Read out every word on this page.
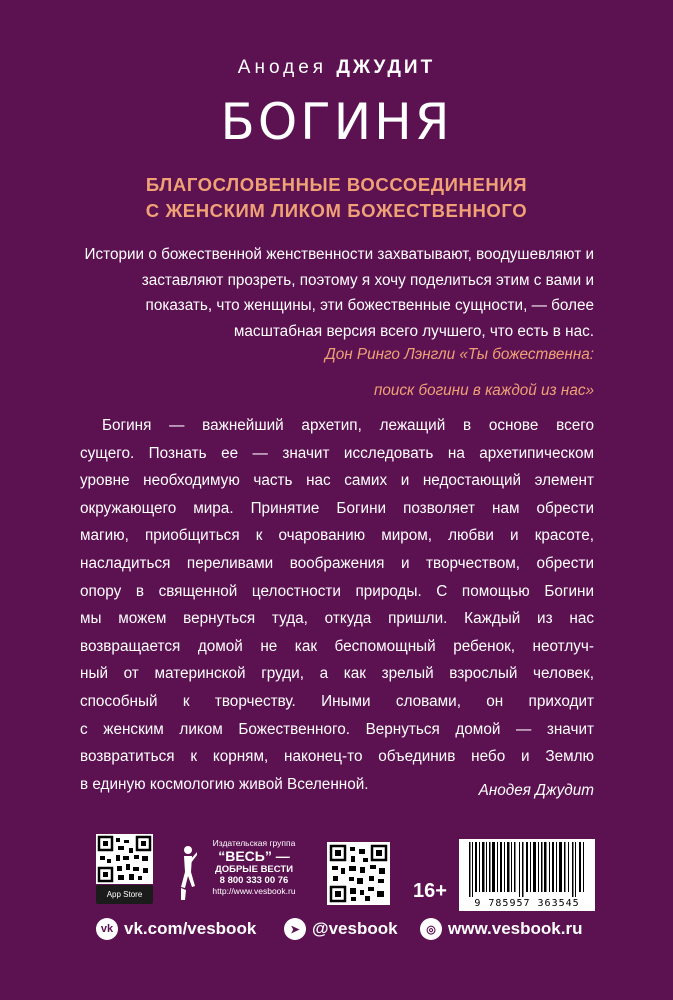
Анодея ДЖУДИТ
БОГИНЯ
БЛАГОСЛОВЕННЫЕ ВОССОЕДИНЕНИЯ
С ЖЕНСКИМ ЛИКОМ БОЖЕСТВЕННОГО
Истории о божественной женственности захватывают, воодушевляют и заставляют прозреть, поэтому я хочу поделиться этим с вами и показать, что женщины, эти божественные сущности, — более масштабная версия всего лучшего, что есть в нас.
Дон Ринго Лэнгли «Ты божественна:
поиск богини в каждой из нас»
Богиня — важнейший архетип, лежащий в основе всего
сущего. Познать ее — значит исследовать на архетипическом
уровне необходимую часть нас самих и недостающий элемент
окружающего мира. Принятие Богини позволяет нам обрести
магию, приобщиться к очарованию миром, любви и красоте,
насладиться переливами воображения и творчеством, обрести
опору в священной целостности природы. С помощью Богини
мы можем вернуться туда, откуда пришли. Каждый из нас
возвращается домой не как беспомощный ребенок, неотлуч-
ный от материнской груди, а как зрелый взрослый человек,
способный к творчеству. Иными словами, он приходит
с женским ликом Божественного. Вернуться домой — значит
возвратиться к корням, наконец-то объединив небо и Землю
в единую космологию живой Вселенной.	Анодея Джудит
App Store
Издательская группа
“ВЕСЬ” —
ДОБРЫЕ ВЕСТИ
8 800 333 00 76
http://www.vesbook.ru	16+
9 785957 363545
vk vk.com/vesbook	➤ @vesbook	◎ www.vesbook.ru
